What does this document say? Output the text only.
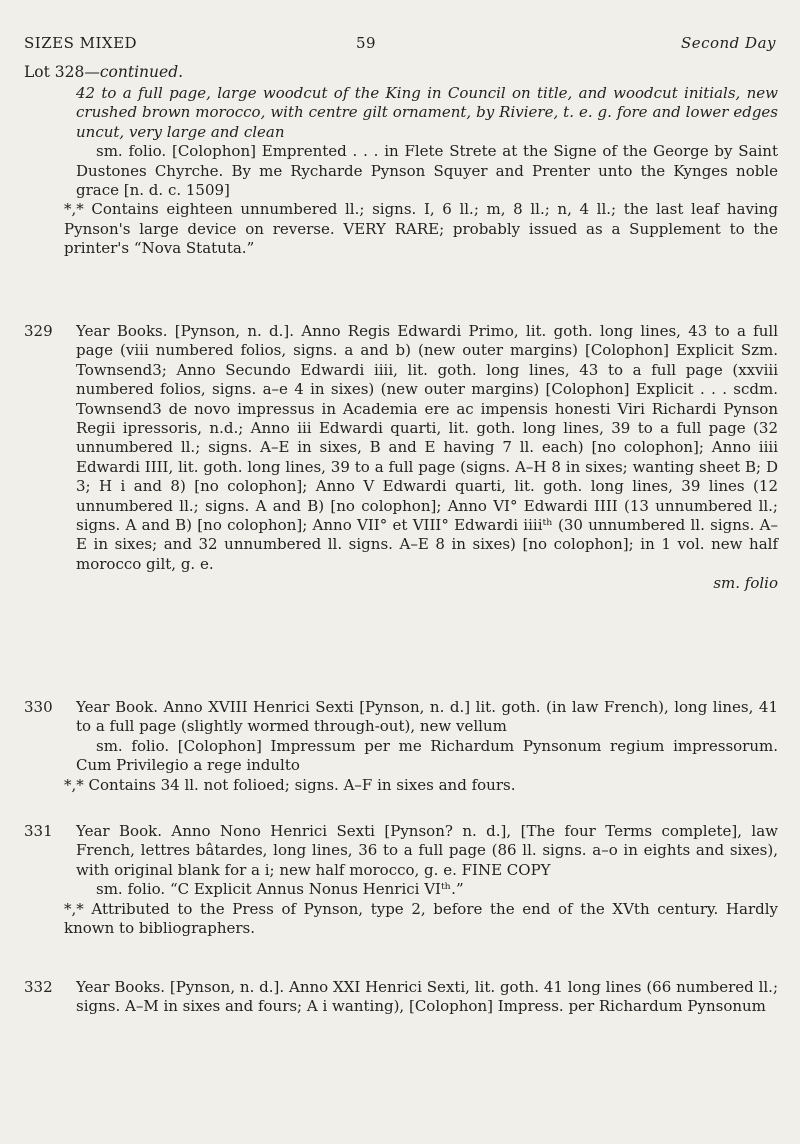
SIZES MIXED	59	Second Day
Lot 328—continued.

42 to a full page, large woodcut of the King in Council on title, and woodcut initials, new crushed brown morocco, with centre gilt ornament, by Riviere, t. e. g. fore and lower edges uncut, very large and clean

sm. folio. [Colophon] Emprented . . . in Flete Strete at the Signe of the George by Saint Dustones Chyrche. By me Rycharde Pynson Squyer and Prenter unto the Kynges noble grace [n. d. c. 1509]

*,* Contains eighteen unnumbered ll.; signs. I, 6 ll.; m, 8 ll.; n, 4 ll.; the last leaf having Pynson's large device on reverse. VERY RARE; probably issued as a Supplement to the printer's “Nova Statuta.”

329	Year Books. [Pynson, n. d.]. Anno Regis Edwardi Primo, lit. goth. long lines, 43 to a full page (viii numbered folios, signs. a and b) (new outer margins) [Colophon] Explicit Szm. Townsend3; Anno Secundo Edwardi iiii, lit. goth. long lines, 43 to a full page (xxviii numbered folios, signs. a–e 4 in sixes) (new outer margins) [Colophon] Explicit . . . scdm. Townsend3 de novo impressus in Academia ere ac impensis honesti Viri Richardi Pynson Regii ipressoris, n.d.; Anno iii Edwardi quarti, lit. goth. long lines, 39 to a full page (32 unnumbered ll.; signs. A–E in sixes, B and E having 7 ll. each) [no colophon]; Anno iiii Edwardi IIII, lit. goth. long lines, 39 to a full page (signs. A–H 8 in sixes; wanting sheet B; D 3; H i and 8) [no colophon]; Anno V Edwardi quarti, lit. goth. long lines, 39 lines (12 unnumbered ll.; signs. A and B) [no colophon]; Anno VI° Edwardi IIII (13 unnumbered ll.; signs. A and B) [no colophon]; Anno VII° et VIII° Edwardi iiiiᵗʰ (30 unnumbered ll. signs. A–E in sixes; and 32 unnumbered ll. signs. A–E 8 in sixes) [no colophon]; in 1 vol. new half morocco gilt, g. e.

sm. folio

330	Year Book. Anno XVIII Henrici Sexti [Pynson, n. d.] lit. goth. (in law French), long lines, 41 to a full page (slightly wormed through-out), new vellum

sm. folio. [Colophon] Impressum per me Richardum Pynsonum regium impressorum. Cum Privilegio a rege indulto

*,* Contains 34 ll. not folioed; signs. A–F in sixes and fours.

331	Year Book. Anno Nono Henrici Sexti [Pynson? n. d.], [The four Terms complete], law French, lettres bâtardes, long lines, 36 to a full page (86 ll. signs. a–o in eights and sixes), with original blank for a i; new half morocco, g. e. FINE COPY

sm. folio. “C Explicit Annus Nonus Henrici VIᵗʰ.”

*,* Attributed to the Press of Pynson, type 2, before the end of the XVth century. Hardly known to bibliographers.

332	Year Books. [Pynson, n. d.]. Anno XXI Henrici Sexti, lit. goth. 41 long lines (66 numbered ll.; signs. A–M in sixes and fours; A i wanting), [Colophon] Impress. per Richardum Pynsonum
